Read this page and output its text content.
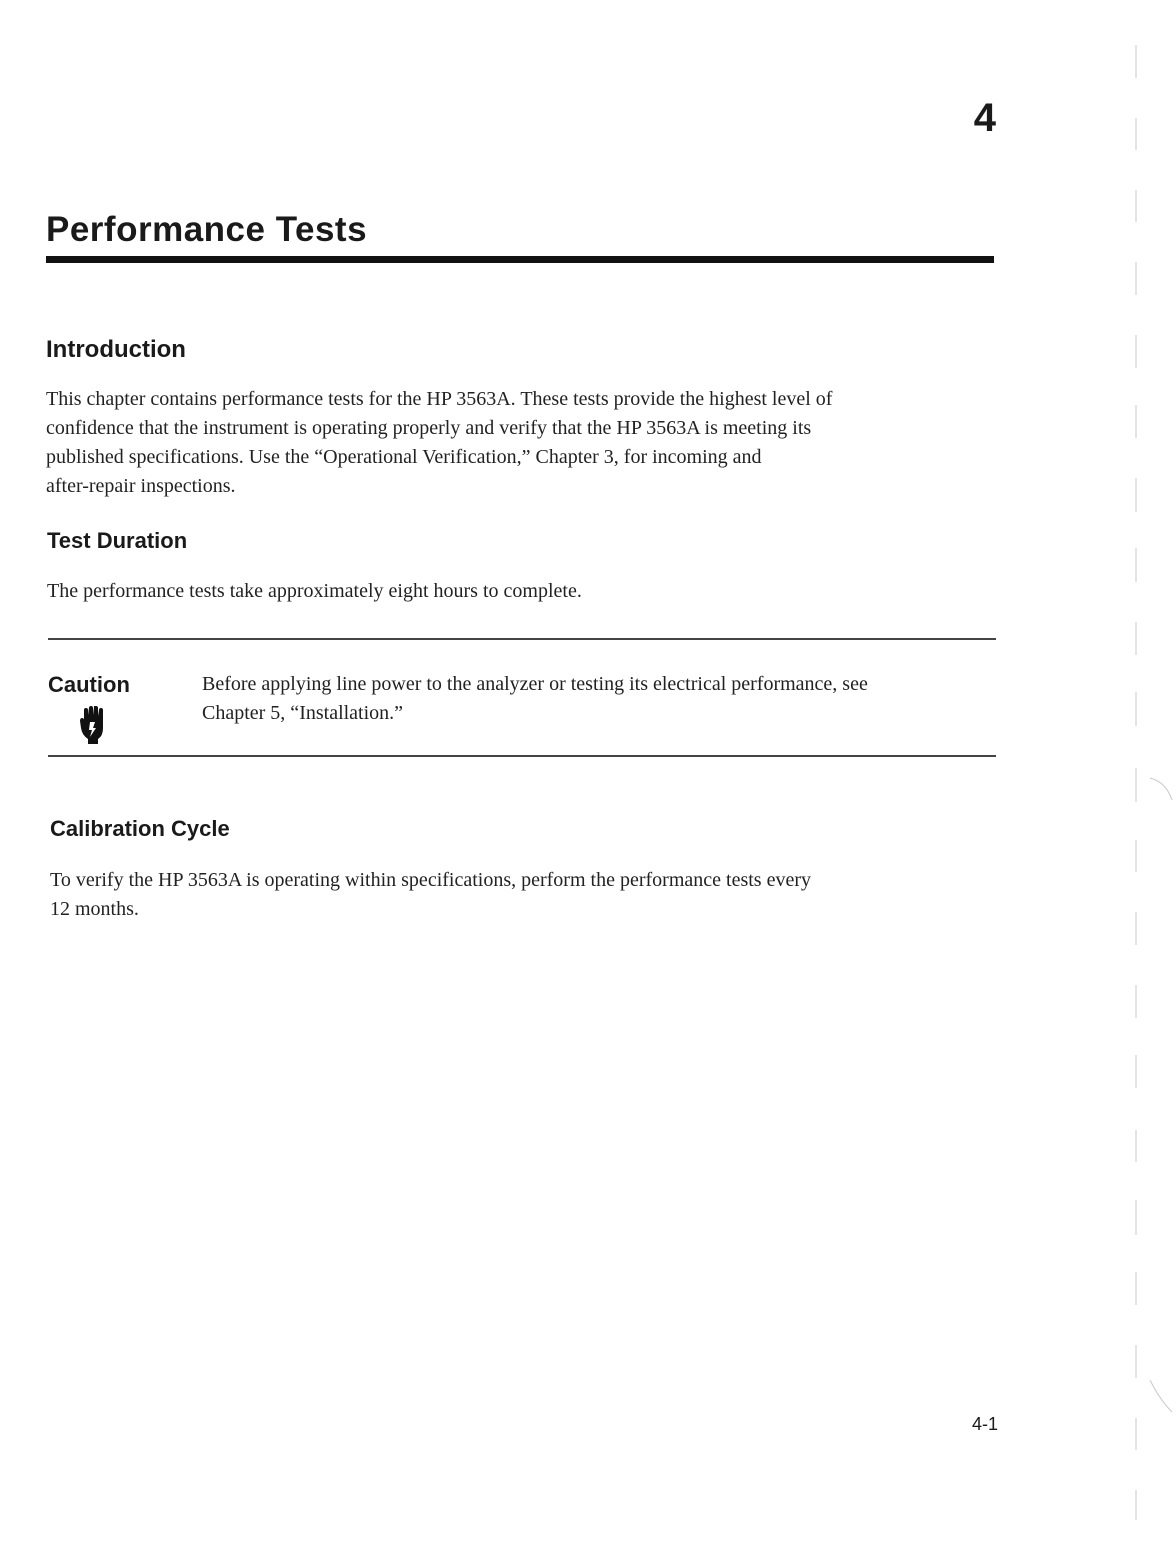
4
Performance Tests
Introduction
This chapter contains performance tests for the HP 3563A. These tests provide the highest level of
confidence that the instrument is operating properly and verify that the HP 3563A is meeting its
published specifications. Use the “Operational Verification,” Chapter 3, for incoming and
after-repair inspections.
Test Duration
The performance tests take approximately eight hours to complete.
Caution	Before applying line power to the analyzer or testing its electrical performance, see
Chapter 5, “Installation.”
Calibration Cycle
To verify the HP 3563A is operating within specifications, perform the performance tests every
12 months.
4-1
